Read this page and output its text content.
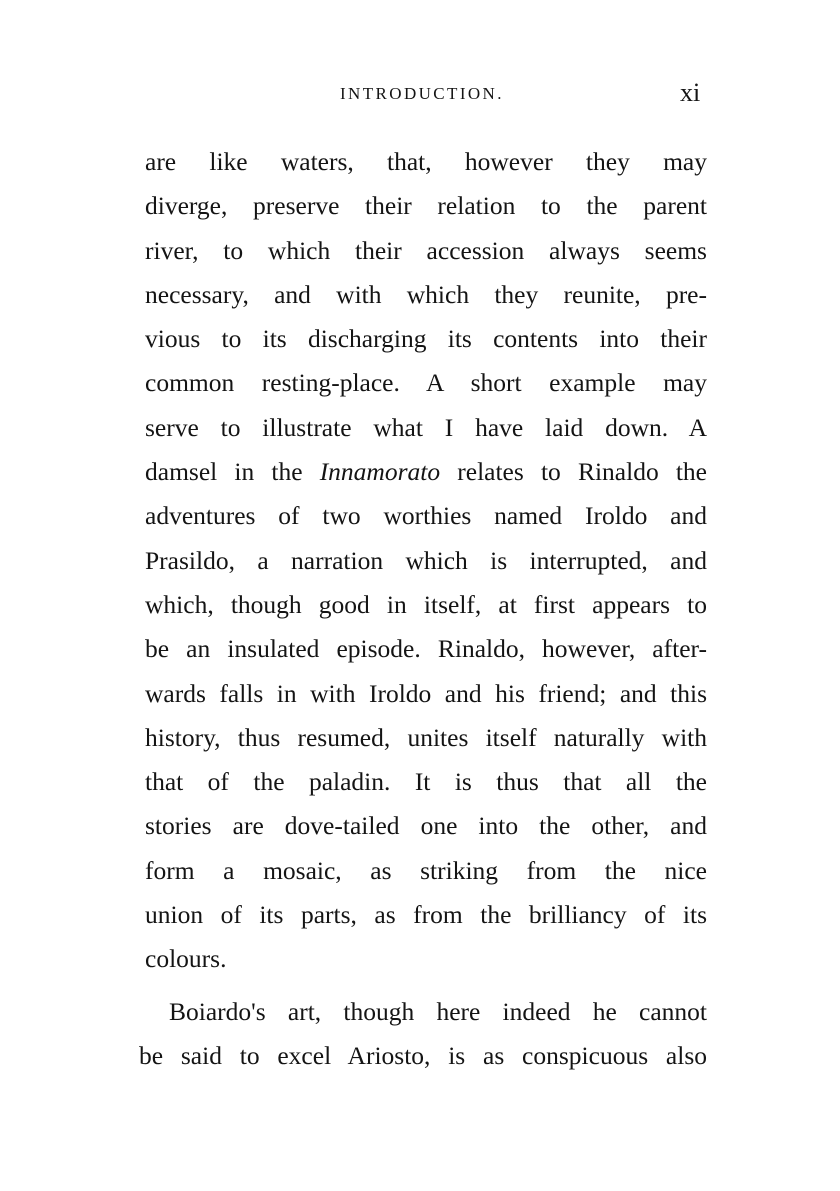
INTRODUCTION.	xi
are like waters, that, however they may
diverge, preserve their relation to the parent
river, to which their accession always seems
necessary, and with which they reunite, pre-
vious to its discharging its contents into their
common resting-place. A short example may
serve to illustrate what I have laid down. A
damsel in the Innamorato relates to Rinaldo the
adventures of two worthies named Iroldo and
Prasildo, a narration which is interrupted, and
which, though good in itself, at first appears to
be an insulated episode. Rinaldo, however, after-
wards falls in with Iroldo and his friend; and this
history, thus resumed, unites itself naturally with
that of the paladin. It is thus that all the
stories are dove-tailed one into the other, and
form a mosaic, as striking from the nice
union of its parts, as from the brilliancy of its
colours.
Boiardo's art, though here indeed he cannot
be said to excel Ariosto, is as conspicuous also
